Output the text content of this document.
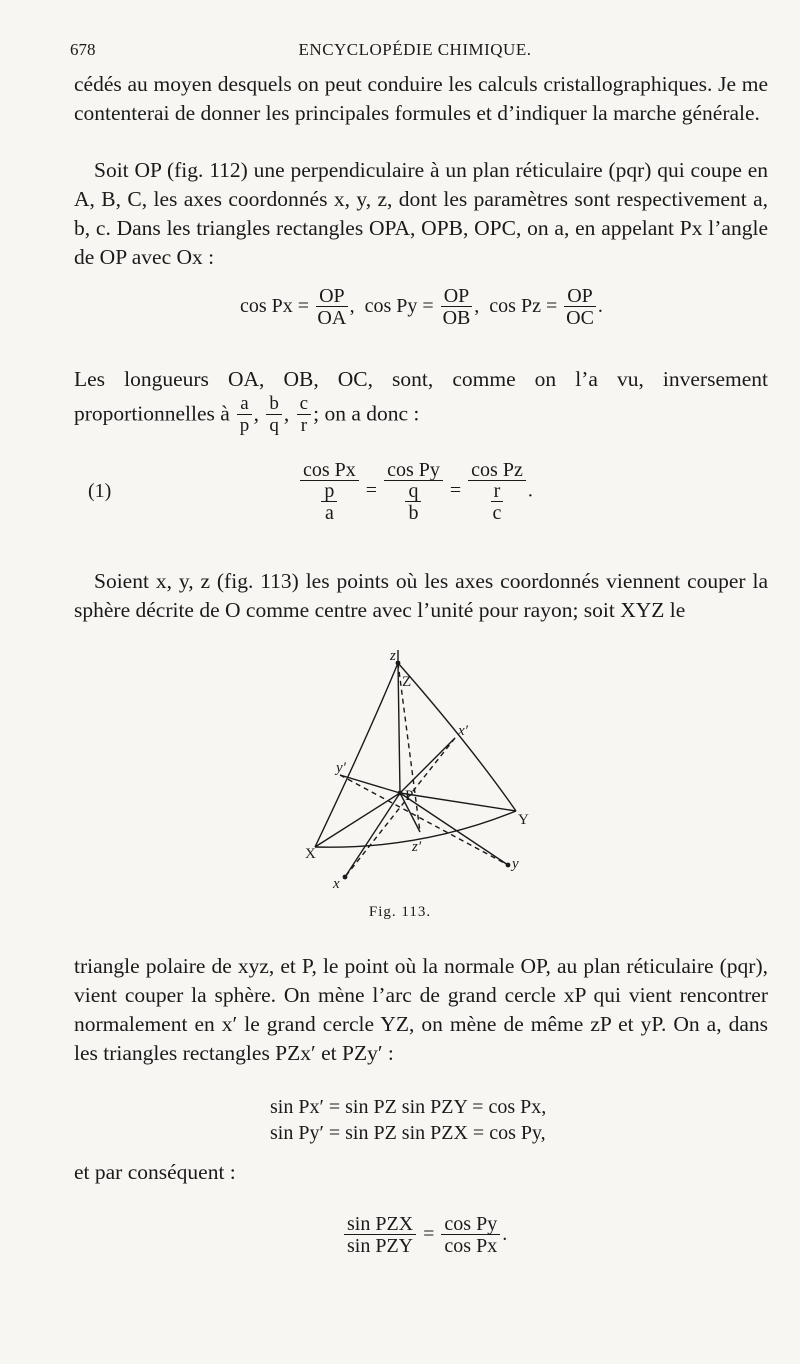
678	ENCYCLOPÉDIE CHIMIQUE.
cédés au moyen desquels on peut conduire les calculs cristallographiques. Je me contenterai de donner les principales formules et d’indiquer la marche générale.
Soit OP (fig. 112) une perpendiculaire à un plan réticulaire (pqr) qui coupe en A, B, C, les axes coordonnés x, y, z, dont les paramètres sont respectivement a, b, c. Dans les triangles rectangles OPA, OPB, OPC, on a, en appelant Px l’angle de OP avec Ox :
$\cos Px = \frac{OP}{OA}$ ,  $\cos Py = \frac{OP}{OB}$ ,  $\cos Pz = \frac{OP}{OC}$ .
Les longueurs OA, OB, OC, sont, comme on l’a vu, inversement proportionnelles à $\frac{a}{p}$ , $\frac{b}{q}$ , $\frac{c}{r}$ ; on a donc :
(1)	$\frac{\text{cos Px}}{\frac{p}{a}} = \frac{\text{cos Py}}{\frac{q}{b}} = \frac{\text{cos Pz}}{\frac{r}{c}}$ .
Soient x, y, z (fig. 113) les points où les axes coordonnés viennent couper la sphère décrite de O comme centre avec l’unité pour rayon; soit XYZ le
z
Z
x′
y′
P
Y
X	z′
y
x
Fig. 113.
triangle polaire de xyz, et P, le point où la normale OP, au plan réticulaire (pqr), vient couper la sphère. On mène l’arc de grand cercle xP qui vient rencontrer normalement en x′ le grand cercle YZ, on mène de même zP et yP. On a, dans les triangles rectangles PZx′ et PZy′ :
sin Px′ = sin PZ sin PZY = cos Px,
sin Py′ = sin PZ sin PZX = cos Py,
et par conséquent :
$\frac{\text{sin PZX}}{\text{sin PZY}} = \frac{\text{cos Py}}{\text{cos Px}}$ .
